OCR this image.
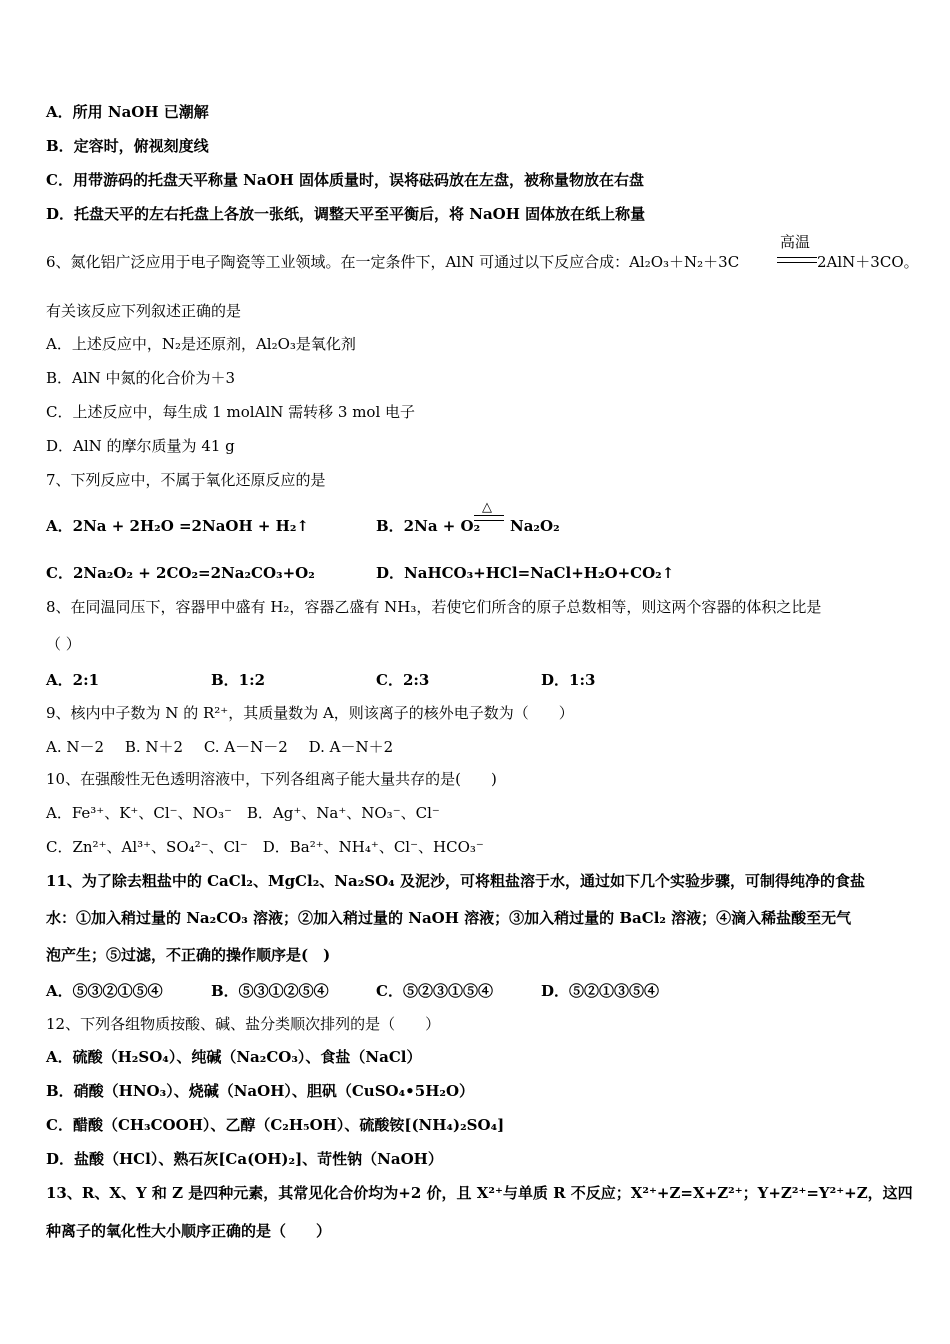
A．所用 NaOH 已潮解
B．定容时，俯视刻度线
C．用带游码的托盘天平称量 NaOH 固体质量时，误将砝码放在左盘，被称量物放在右盘
D．托盘天平的左右托盘上各放一张纸，调整天平至平衡后，将 NaOH 固体放在纸上称量
6、氮化铝广泛应用于电子陶瓷等工业领域。在一定条件下，AlN 可通过以下反应合成：Al₂O₃＋N₂＋3C
高温
2AlN＋3CO。
有关该反应下列叙述正确的是
A．上述反应中，N₂是还原剂，Al₂O₃是氧化剂
B．AlN 中氮的化合价为＋3
C．上述反应中，每生成 1 molAlN 需转移 3 mol 电子
D．AlN 的摩尔质量为 41 g
7、下列反应中，不属于氧化还原反应的是
A．2Na + 2H₂O =2NaOH + H₂↑	B．2Na + O₂
△
Na₂O₂
C．2Na₂O₂ + 2CO₂=2Na₂CO₃+O₂	D．NaHCO₃+HCl=NaCl+H₂O+CO₂↑
8、在同温同压下，容器甲中盛有 H₂，容器乙盛有 NH₃，若使它们所含的原子总数相等，则这两个容器的体积之比是
（ ）
A．2:1	B．1:2	C．2:3	D．1:3
9、核内中子数为 N 的 R²⁺，其质量数为 A，则该离子的核外电子数为（　　）
A. N－2 B. N＋2 C. A－N－2 D. A－N＋2
10、在强酸性无色透明溶液中，下列各组离子能大量共存的是(　　)
A．Fe³⁺、K⁺、Cl⁻、NO₃⁻　B．Ag⁺、Na⁺、NO₃⁻、Cl⁻
C．Zn²⁺、Al³⁺、SO₄²⁻、Cl⁻　D．Ba²⁺、NH₄⁺、Cl⁻、HCO₃⁻
11、为了除去粗盐中的 CaCl₂、MgCl₂、Na₂SO₄ 及泥沙，可将粗盐溶于水，通过如下几个实验步骤，可制得纯净的食盐
水：①加入稍过量的 Na₂CO₃ 溶液；②加入稍过量的 NaOH 溶液；③加入稍过量的 BaCl₂ 溶液；④滴入稀盐酸至无气
泡产生；⑤过滤，不正确的操作顺序是(　)
A．⑤③②①⑤④	B．⑤③①②⑤④	C．⑤②③①⑤④	D．⑤②①③⑤④
12、下列各组物质按酸、碱、盐分类顺次排列的是（　　）
A．硫酸（H₂SO₄）、纯碱（Na₂CO₃）、食盐（NaCl）
B．硝酸（HNO₃）、烧碱（NaOH）、胆矾（CuSO₄•5H₂O）
C．醋酸（CH₃COOH）、乙醇（C₂H₅OH）、硫酸铵[(NH₄)₂SO₄]
D．盐酸（HCl）、熟石灰[Ca(OH)₂]、苛性钠（NaOH）
13、R、X、Y 和 Z 是四种元素，其常见化合价均为+2 价，且 X²⁺与单质 R 不反应；X²⁺+Z=X+Z²⁺；Y+Z²⁺=Y²⁺+Z，这四
种离子的氧化性大小顺序正确的是（　　）
